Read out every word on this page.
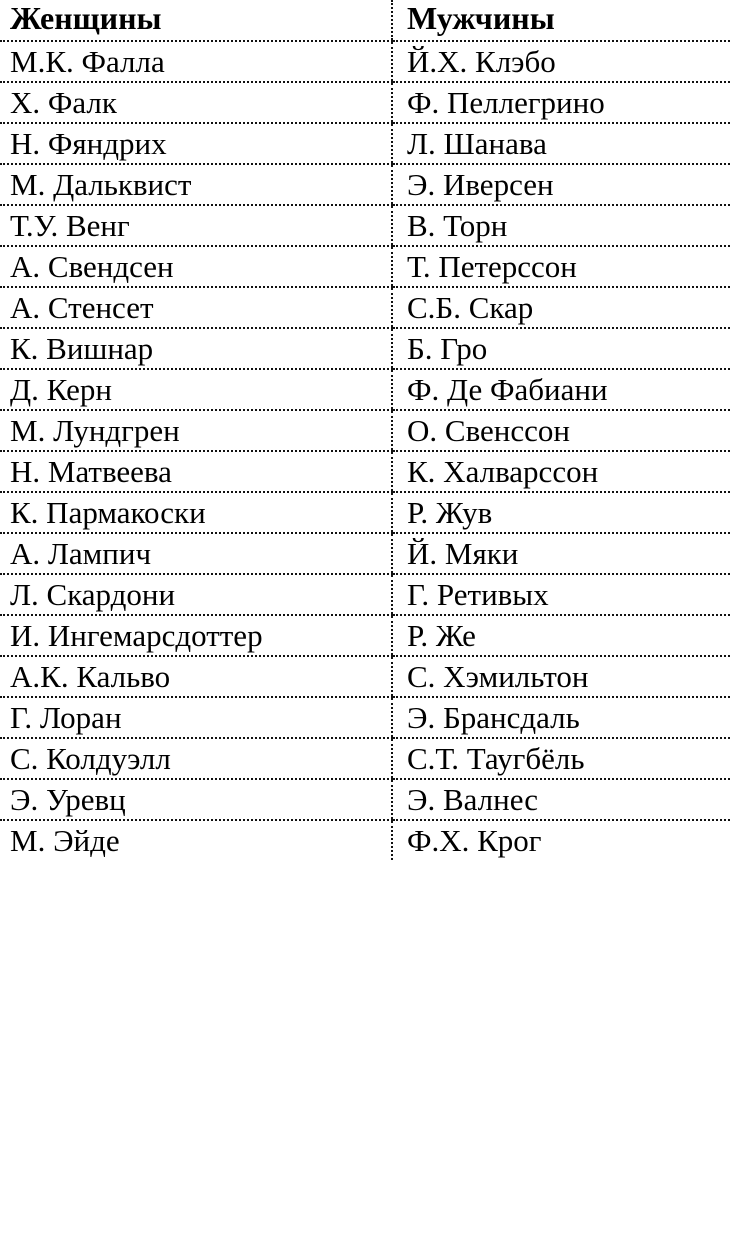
Женщины	Мужчины
М.К. Фалла	Й.Х. Клэбо
Х. Фалк	Ф. Пеллегрино
Н. Фяндрих	Л. Шанава
М. Дальквист	Э. Иверсен
Т.У. Венг	В. Торн
А. Свендсен	Т. Петерссон
А. Стенсет	С.Б. Скар
К. Вишнар	Б. Гро
Д. Керн	Ф. Де Фабиани
М. Лундгрен	О. Свенссон
Н. Матвеева	К. Халварссон
К. Пармакоски	Р. Жув
А. Лампич	Й. Мяки
Л. Скардони	Г. Ретивых
И. Ингемарсдоттер	Р. Же
А.К. Кальво	С. Хэмильтон
Г. Лоран	Э. Брансдаль
С. Колдуэлл	С.Т. Таугбёль
Э. Уревц	Э. Валнес
М. Эйде	Ф.Х. Крог
